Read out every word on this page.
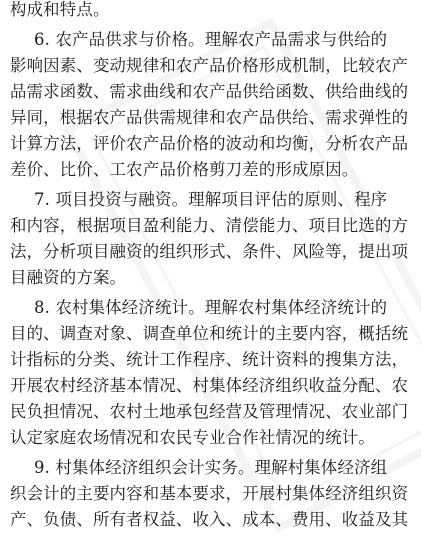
构成和特点。
6. 农产品供求与价格。理解农产品需求与供给的
影响因素、变动规律和农产品价格形成机制，比较农产
品需求函数、需求曲线和农产品供给函数、供给曲线的
异同，根据农产品供需规律和农产品供给、需求弹性的
计算方法，评价农产品价格的波动和均衡，分析农产品
差价、比价、工农产品价格剪刀差的形成原因。
7. 项目投资与融资。理解项目评估的原则、程序
和内容，根据项目盈利能力、清偿能力、项目比选的方
法，分析项目融资的组织形式、条件、风险等，提出项
目融资的方案。
8. 农村集体经济统计。理解农村集体经济统计的
目的、调查对象、调查单位和统计的主要内容，概括统
计指标的分类、统计工作程序、统计资料的搜集方法，
开展农村经济基本情况、村集体经济组织收益分配、农
民负担情况、农村土地承包经营及管理情况、农业部门
认定家庭农场情况和农民专业合作社情况的统计。
9. 村集体经济组织会计实务。理解村集体经济组
织会计的主要内容和基本要求，开展村集体经济组织资
产、负债、所有者权益、收入、成本、费用、收益及其
